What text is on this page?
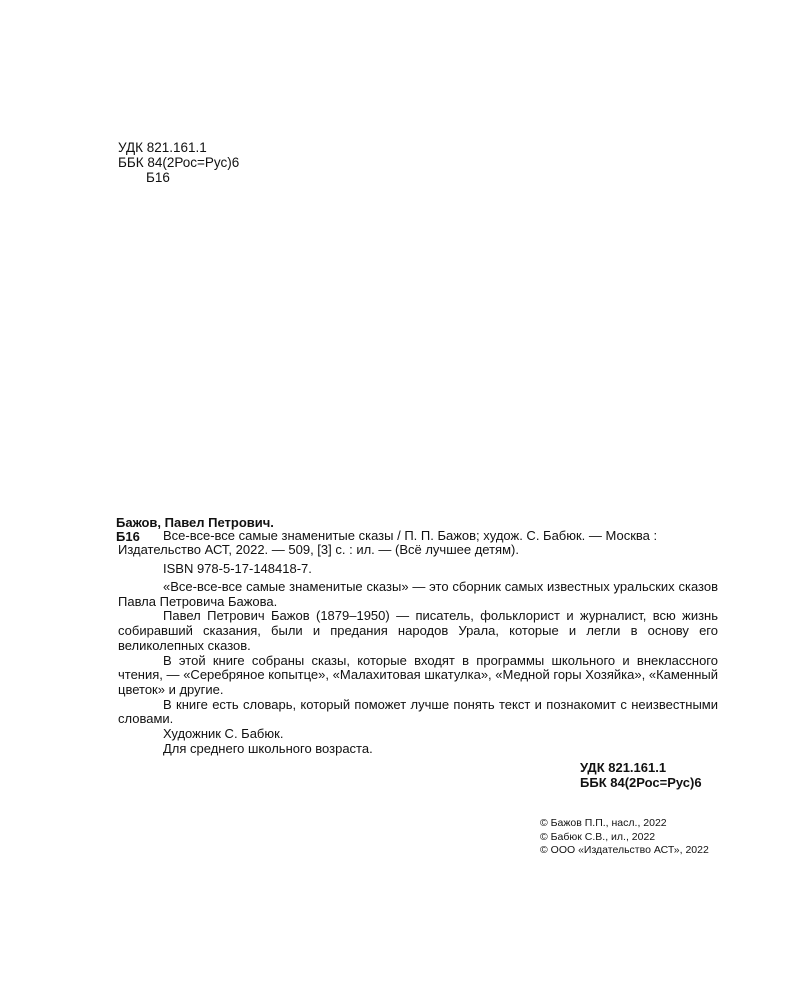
УДК 821.161.1
ББК 84(2Рос=Рус)6
Б16
Бажов, Павел Петрович.
Б16 Все-все-все самые знаменитые сказы / П. П. Бажов; худож. С. Бабюк. — Москва :
Издательство АСТ, 2022. — 509, [3] с. : ил. — (Всё лучшее детям).
ISBN 978-5-17-148418-7.

«Все-все-все самые знаменитые сказы» — это сборник самых известных уральских сказов Павла Петровича Бажова.

Павел Петрович Бажов (1879–1950) — писатель, фольклорист и журналист, всю жизнь собиравший сказания, были и предания народов Урала, которые и легли в основу его великолепных сказов.

В этой книге собраны сказы, которые входят в программы школьного и внеклассного чтения, — «Серебряное копытце», «Малахитовая шкатулка», «Медной горы Хозяйка», «Каменный цветок» и другие.

В книге есть словарь, который поможет лучше понять текст и познакомит с неизвестными словами.

Художник С. Бабюк.

Для среднего школьного возраста.

УДК 821.161.1
ББК 84(2Рос=Рус)6
© Бажов П.П., насл., 2022
© Бабюк С.В., ил., 2022
© ООО «Издательство АСТ», 2022
